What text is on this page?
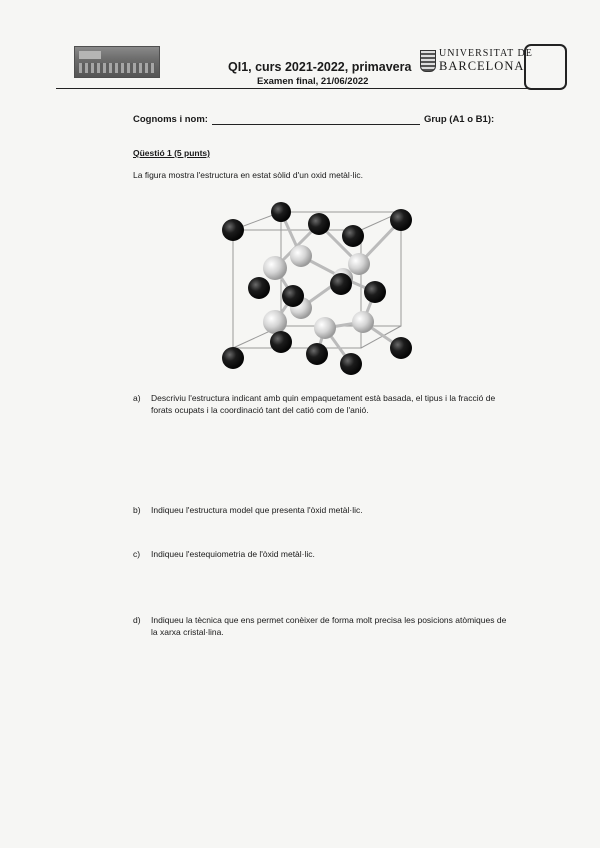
QI1, curs 2021-2022, primavera
Examen final, 21/06/2022
UNIVERSITAT DE
BARCELONA
Cognoms i nom:	Grup (A1 o B1):
Qüestió 1 (5 punts)
La figura mostra l'estructura en estat sòlid d'un oxid metàl·lic.
a)	Descriviu l'estructura indicant amb quin empaquetament està basada, el tipus i la fracció de forats ocupats i la coordinació tant del catió com de l'anió.
b)	Indiqueu l'estructura model que presenta l'òxid metàl·lic.
c)	Indiqueu l'estequiometria de l'òxid metàl·lic.
d)	Indiqueu la tècnica que ens permet conèixer de forma molt precisa les posicions atòmiques de la xarxa cristal·lina.
